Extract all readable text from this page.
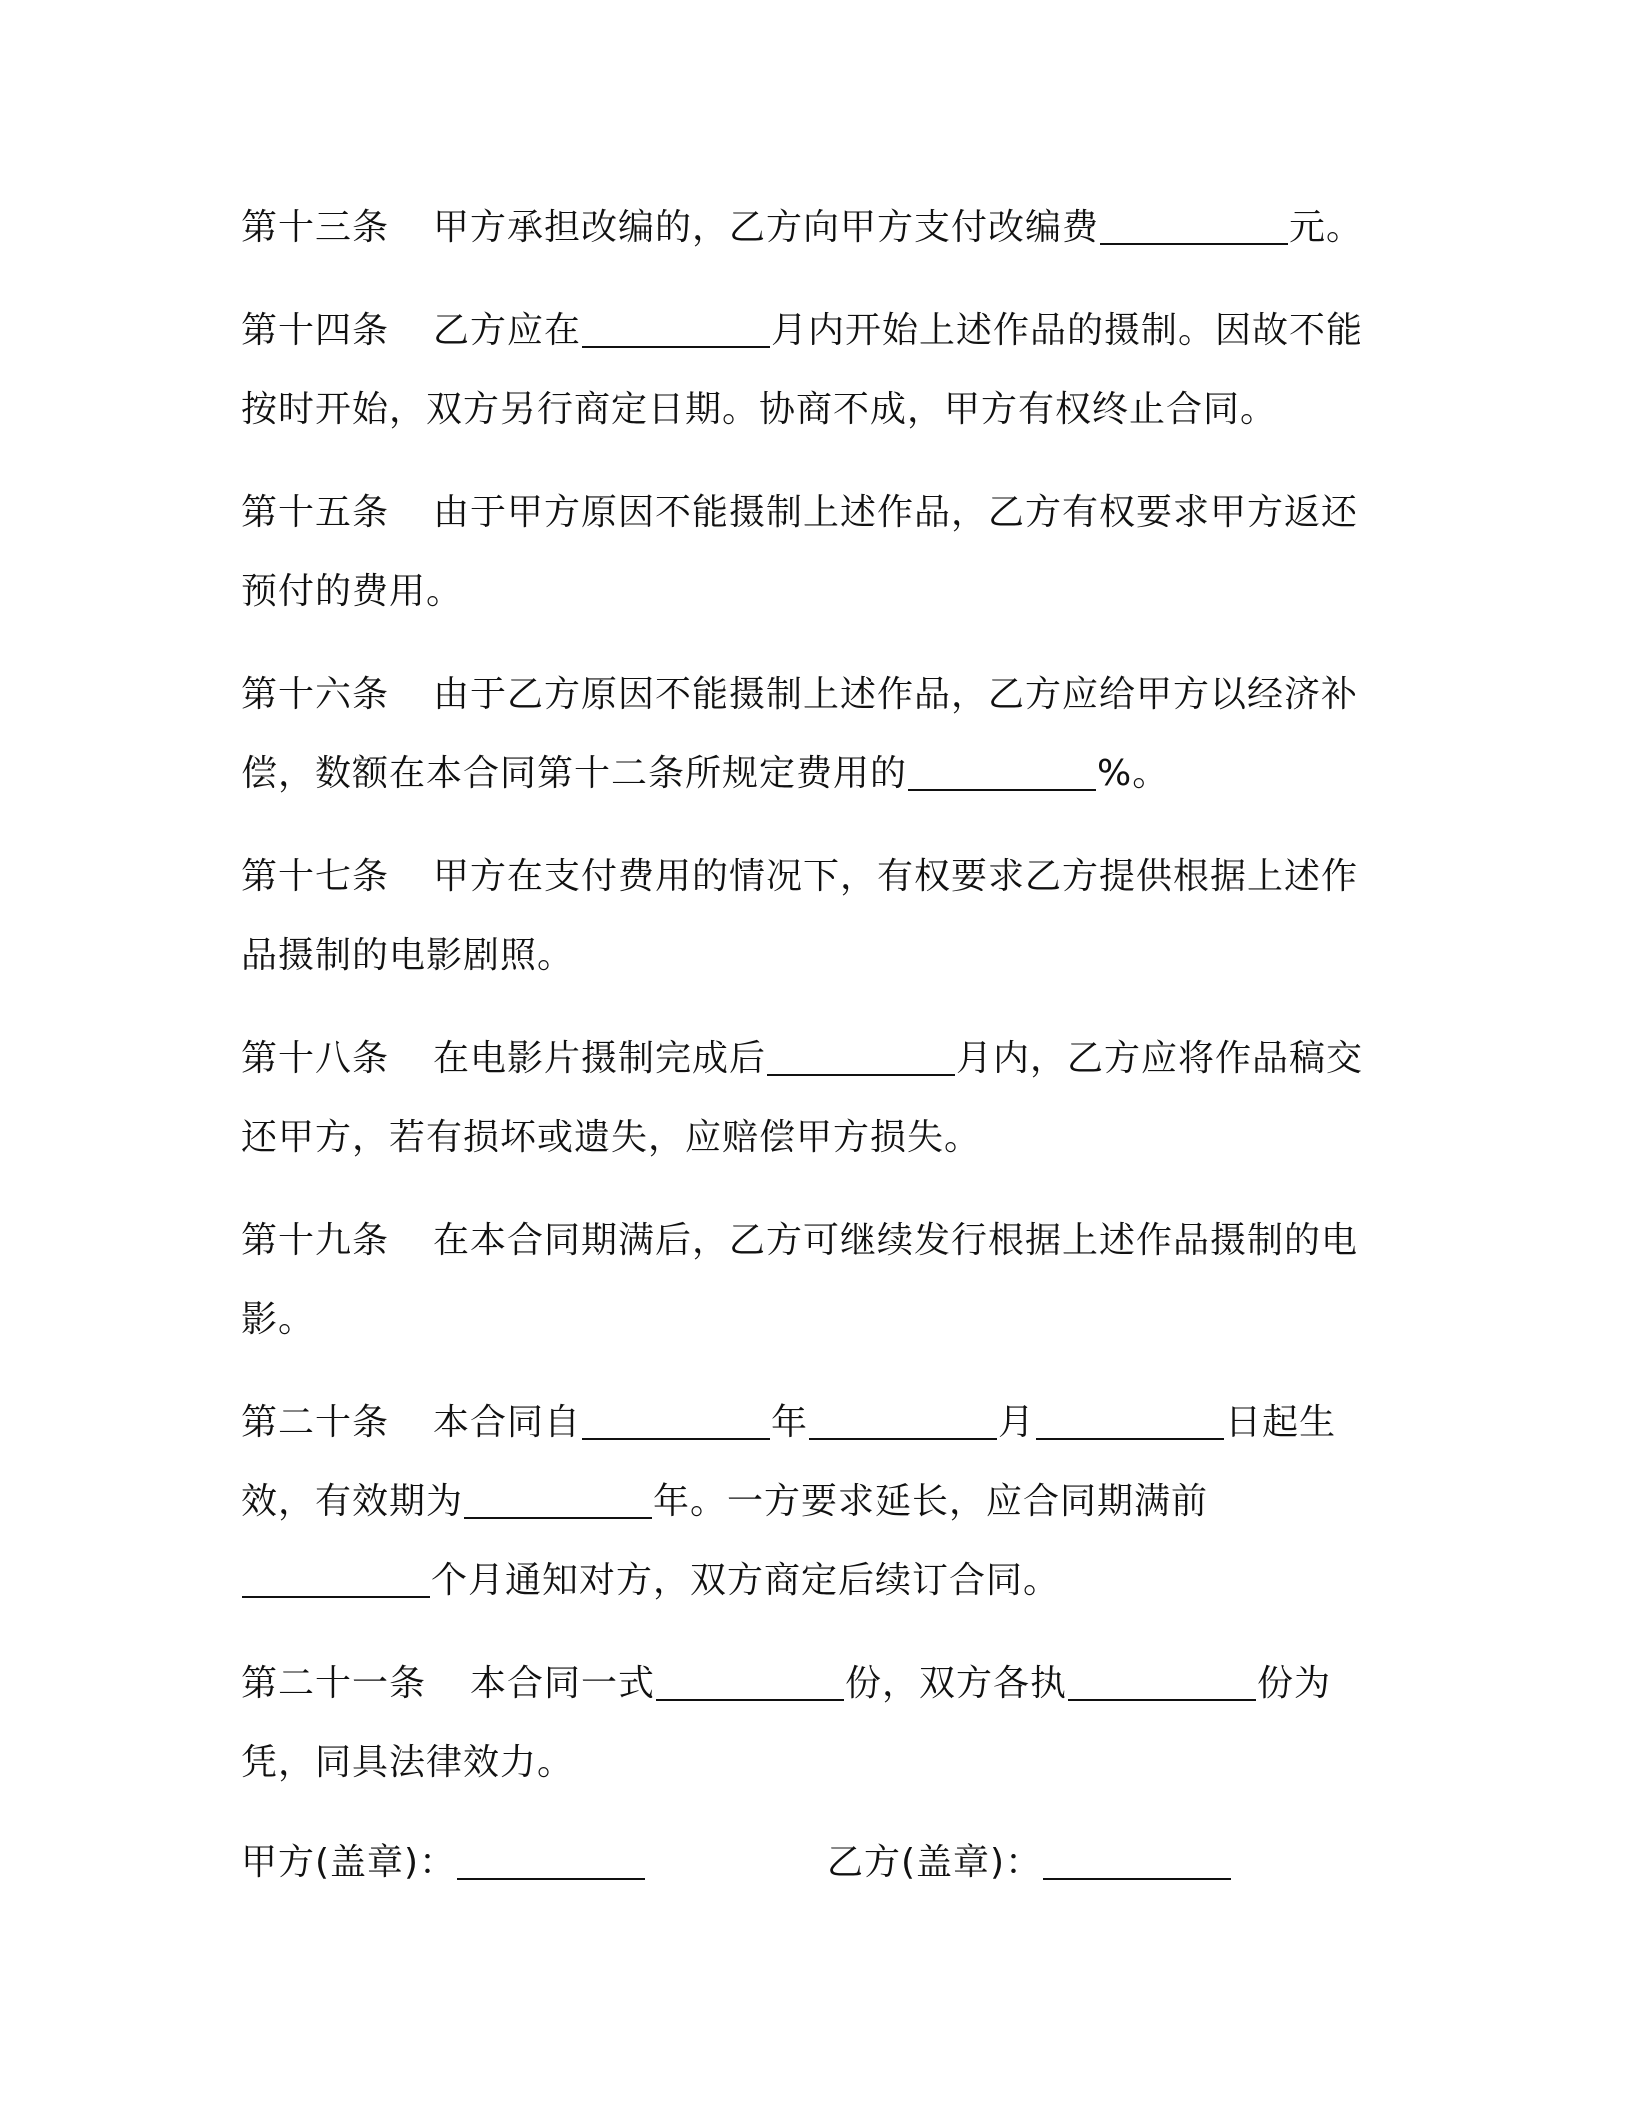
第十三条 甲方承担改编的，乙方向甲方支付改编费	元。

第十四条 乙方应在	月内开始上述作品的摄制。因故不能按时开始，双方另行商定日期。协商不成，甲方有权终止合同。

第十五条 由于甲方原因不能摄制上述作品，乙方有权要求甲方返还预付的费用。

第十六条 由于乙方原因不能摄制上述作品，乙方应给甲方以经济补偿，数额在本合同第十二条所规定费用的	%。

第十七条 甲方在支付费用的情况下，有权要求乙方提供根据上述作品摄制的电影剧照。

第十八条 在电影片摄制完成后	月内，乙方应将作品稿交还甲方，若有损坏或遗失，应赔偿甲方损失。

第十九条 在本合同期满后，乙方可继续发行根据上述作品摄制的电影。

第二十条 本合同自	年	月	日起生效，有效期为	年。一方要求延长，应合同期满前个月通知对方，双方商定后续订合同。

第二十一条 本合同一式	份，双方各执	份为凭，同具法律效力。

甲方(盖章)：	乙方(盖章)：
